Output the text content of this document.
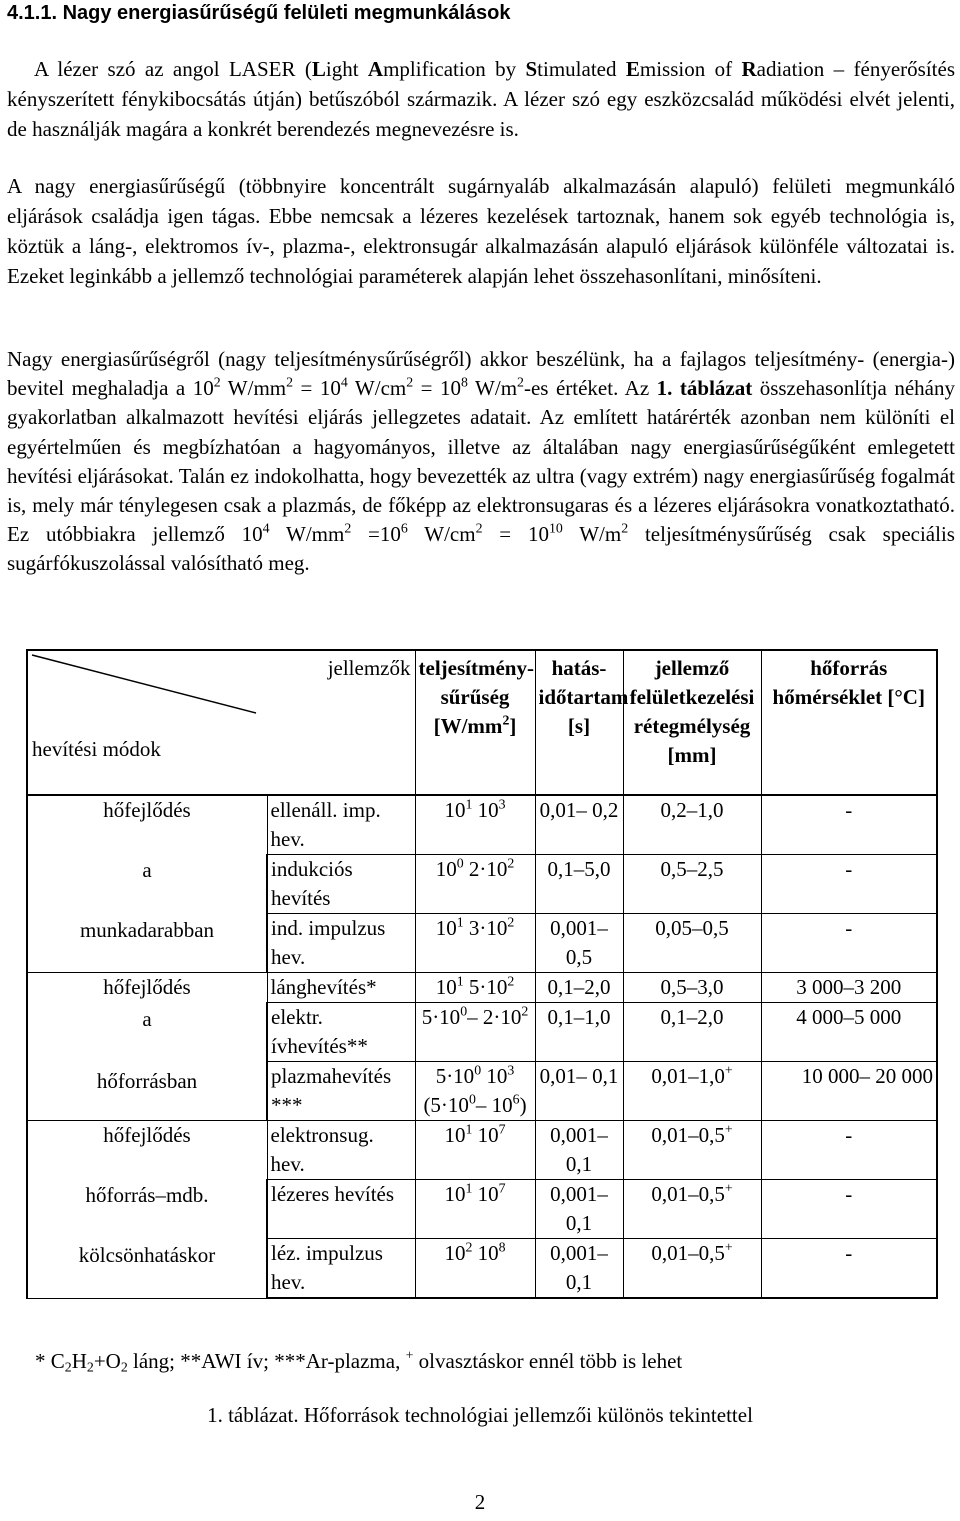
4.1.1. Nagy energiasűrűségű felületi megmunkálások

A lézer szó az angol LASER (Light Amplification by Stimulated Emission of Radiation – fényerősítés kényszerített fénykibocsátás útján) betűszóból származik. A lézer szó egy eszközcsalád működési elvét jelenti, de használják magára a konkrét berendezés megnevezésre is.

A nagy energiasűrűségű (többnyire koncentrált sugárnyaláb alkalmazásán alapuló) felületi megmunkáló eljárások családja igen tágas. Ebbe nemcsak a lézeres kezelések tartoznak, hanem sok egyéb technológia is, köztük a láng-, elektromos ív-, plazma-, elektronsugár alkalmazásán alapuló eljárások különféle változatai is. Ezeket leginkább a jellemző technológiai paraméterek alapján lehet összehasonlítani, minősíteni.

Nagy energiasűrűségről (nagy teljesítménysűrűségről) akkor beszélünk, ha a fajlagos teljesítmény- (energia-) bevitel meghaladja a $10^2$ $W/mm^2 = 10^4$ $W/cm^2 = 10^8$ $W/m^2-es$ értéket. Az 1. táblázat összehasonlítja néhány gyakorlatban alkalmazott hevítési eljárás jellegzetes adatait. Az említett határérték azonban nem különíti el egyértelműen és megbízhatóan a hagyományos, illetve az általában nagy energiasűrűségűként emlegetett hevítési eljárásokat. Talán ez indokolhatta, hogy bevezették az ultra (vagy extrém) nagy energiasűrűség fogalmát is, mely már ténylegesen csak a plazmás, de főképp az elektronsugaras és a lézeres eljárásokra vonatkoztatható. Ez utóbbiakra jellemző $10^4$ $W/mm^2 =10^6$ $W/cm^2 = 10^{10}$ $W/m^2$ teljesítménysűrűség csak speciális sugárfókuszolással valósítható meg.

jellemzők
hevítési módok		teljesítmény-sűrűség $[W/mm^2]$	hatás-időtartam [s]	jellemző felületkezelési rétegmélység [mm]	hőforrás hőmérséklet [°C]

hőfejlődés
a
munkadarabban	ellenáll. imp. hev.	$10^1$ $10^3$	0,01– 0,2	0,2–1,0	-
	indukciós hevítés	$10^0$ $2\cdot 10^2$	0,1–5,0	0,5–2,5	-
	ind. impulzus hev.	$10^1$ $3\cdot 10^2$	0,001– 0,5	0,05–0,5	-

hőfejlődés
a
hőforrásban	lánghevítés*	$10^1$ $5\cdot 10^2$	0,1–2,0	0,5–3,0	3 000–3 200
	elektr. ívhevítés**	$5\cdot 10^0-$ $2\cdot 10^2$	0,1–1,0	0,1–2,0	4 000–5 000
	plazmahevítés ***	$5\cdot 10^0$ $10^3$ ($5\cdot 10^0-$ $10^6$)	0,01– 0,1	0,01–1,0+	10 000– 20 000

hőfejlődés
hőforrás–mdb.
kölcsönhatáskor	elektronsug. hev.	$10^1$ $10^7$	0,001– 0,1	0,01–0,5+	-
	lézeres hevítés	$10^1$ $10^7$	0,001– 0,1	0,01–0,5+	-
	léz. impulzus hev.	$10^2$ $10^8$	0,001– 0,1	0,01–0,5+	-

* $C_2H_2+O_2$ láng; **AWI ív; ***Ar-plazma, + olvasztáskor ennél több is lehet

1. táblázat. Hőforrások technológiai jellemzői különös tekintettel

2
